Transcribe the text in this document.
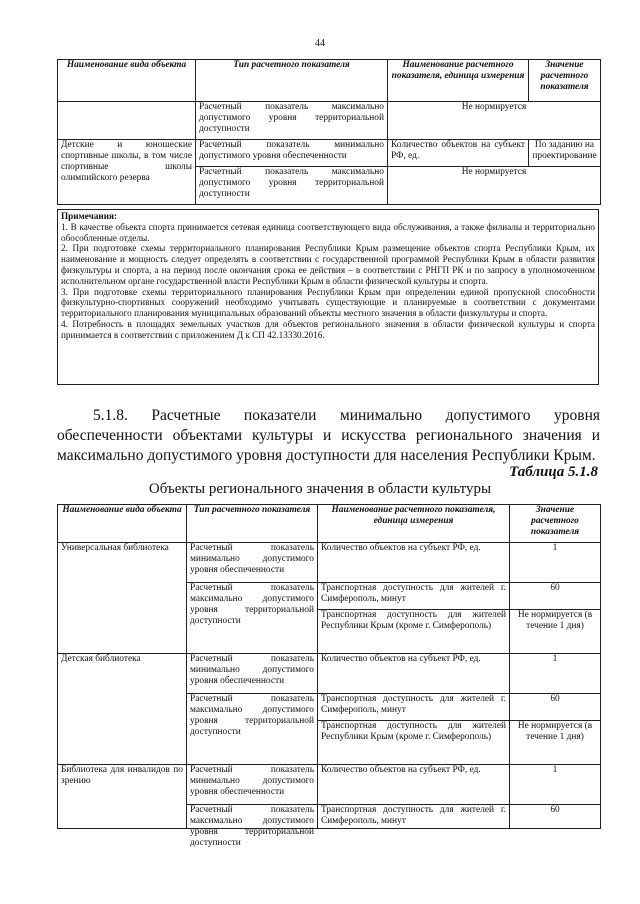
44
Наименование вида объекта	Тип расчетного показателя	Наименование расчетного показателя, единица измерения	Значение расчетного показателя
	Расчетный показатель максимально допустимого уровня территориальной доступности	Не нормируется	
Детские и юношеские спортивные школы, в том числе спортивные школы олимпийского резерва	Расчетный показатель минимально допустимого уровня обеспеченности	Количество объектов на субъект РФ, ед.	По заданию на проектирование
	Расчетный показатель максимально допустимого уровня территориальной доступности	Не нормируется	
Примечания:

1. В качестве объекта спорта принимается сетевая единица соответствующего вида обслуживания, а также филиалы и территориально обособленные отделы.

2. При подготовке схемы территориального планирования Республики Крым размещение объектов спорта Республики Крым, их наименование и мощность следует определять в соответствии с государственной программой Республики Крым в области развития физкультуры и спорта, а на период после окончания срока ее действия – в соответствии с РНГП РК и по запросу в уполномоченном исполнительном органе государственной власти Республики Крым в области физической культуры и спорта.

3. При подготовке схемы территориального планирования Республики Крым при определении единой пропускной способности физкультурно-спортивных сооружений необходимо учитывать существующие и планируемые в соответствии с документами территориального планирования муниципальных образований объекты местного значения в области физкультуры и спорта.

4. Потребность в площадях земельных участков для объектов регионального значения в области физической культуры и спорта принимается в соответствии с приложением Д к СП 42.13330.2016.

5.1.8. Расчетные показатели минимально допустимого уровня обеспеченности объектами культуры и искусства регионального значения и максимально допустимого уровня доступности для населения Республики Крым.
Таблица 5.1.8
Объекты регионального значения в области культуры
Наименование вида объекта	Тип расчетного показателя	Наименование расчетного показателя, единица измерения	Значение расчетного показателя
Универсальная библиотека	Расчетный показатель минимально допустимого уровня обеспеченности	Количество объектов на субъект РФ, ед.	1
	Расчетный показатель максимально допустимого уровня территориальной доступности	Транспортная доступность для жителей г. Симферополь, минут	60
		Транспортная доступность для жителей Республики Крым (кроме г. Симферополь)	Не нормируется (в течение 1 дня)
Детская библиотека	Расчетный показатель минимально допустимого уровня обеспеченности	Количество объектов на субъект РФ, ед.	1
	Расчетный показатель максимально допустимого уровня территориальной доступности	Транспортная доступность для жителей г. Симферополь, минут	60
		Транспортная доступность для жителей Республики Крым (кроме г. Симферополь)	Не нормируется (в течение 1 дня)
Библиотека для инвалидов по зрению	Расчетный показатель минимально допустимого уровня обеспеченности	Количество объектов на субъект РФ, ед.	1

	Расчетный показатель максимально допустимого уровня территориальной доступности	Транспортная доступность для жителей г. Симферополь, минут	60
